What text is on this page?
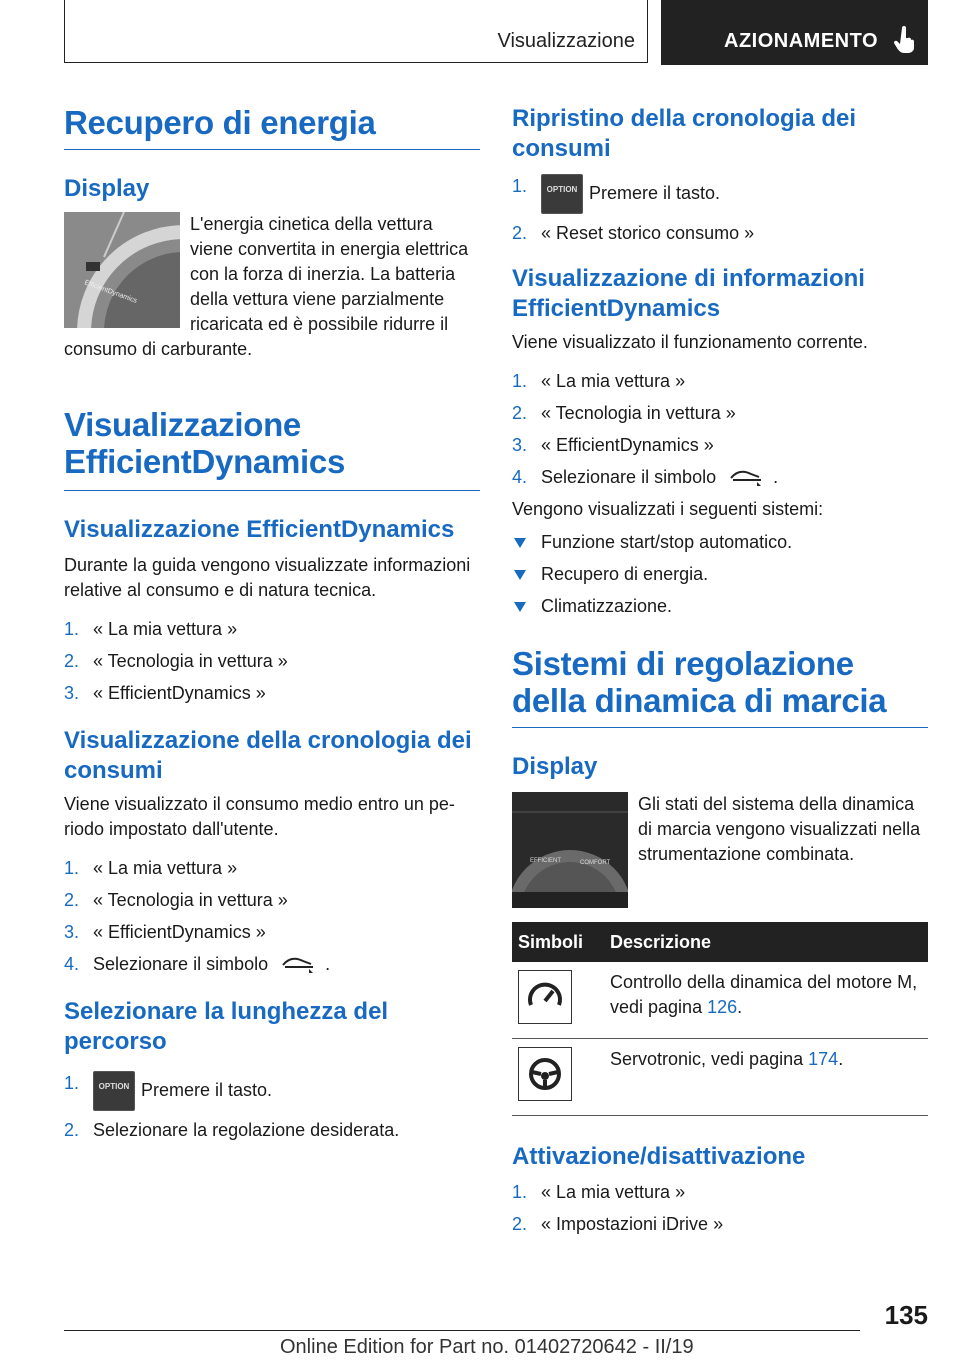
Visualizzazione	AZIONAMENTO
Recupero di energia
Display
EfficientDynamics

L'energia cinetica della vettura viene convertita in energia elettrica con la forza di inerzia. La batteria della vettura viene parzialmente ricaricata ed è possibile ridurre il consumo di carburante.

Visualizzazione
EfficientDynamics
Visualizzazione EfficientDynamics

Durante la guida vengono visualizzate informazioni relative al consumo e di natura tecnica.

1. « La mia vettura »
2. « Tecnologia in vettura »
3. « EfficientDynamics »
Visualizzazione della cronologia dei consumi

Viene visualizzato il consumo medio entro un periodo impostato dall'utente.

1. « La mia vettura »
2. « Tecnologia in vettura »
3. « EfficientDynamics »
4. Selezionare il simbolo	.
Selezionare la lunghezza del percorso
1. OPTION Premere il tasto.
2. Selezionare la regolazione desiderata.
Ripristino della cronologia dei consumi
1. OPTION Premere il tasto.
2. « Reset storico consumo »
Visualizzazione di informazioni EfficientDynamics

Viene visualizzato il funzionamento corrente.

1. « La mia vettura »
2. « Tecnologia in vettura »
3. « EfficientDynamics »
4. Selezionare il simbolo	.

Vengono visualizzati i seguenti sistemi:

Funzione start/stop automatico.
Recupero di energia.
Climatizzazione.
Sistemi di regolazione della dinamica di marcia
Display
EFFICIENT	COMFORT

Gli stati del sistema della dinamica di marcia vengono visualizzati nella strumentazione combinata.

Simboli	Descrizione

	Controllo della dinamica del motore M, vedi pagina 126.

	Servotronic, vedi pagina 174.
Attivazione/disattivazione
1. « La mia vettura »
2. « Impostazioni iDrive »
135
Online Edition for Part no. 01402720642 - II/19
